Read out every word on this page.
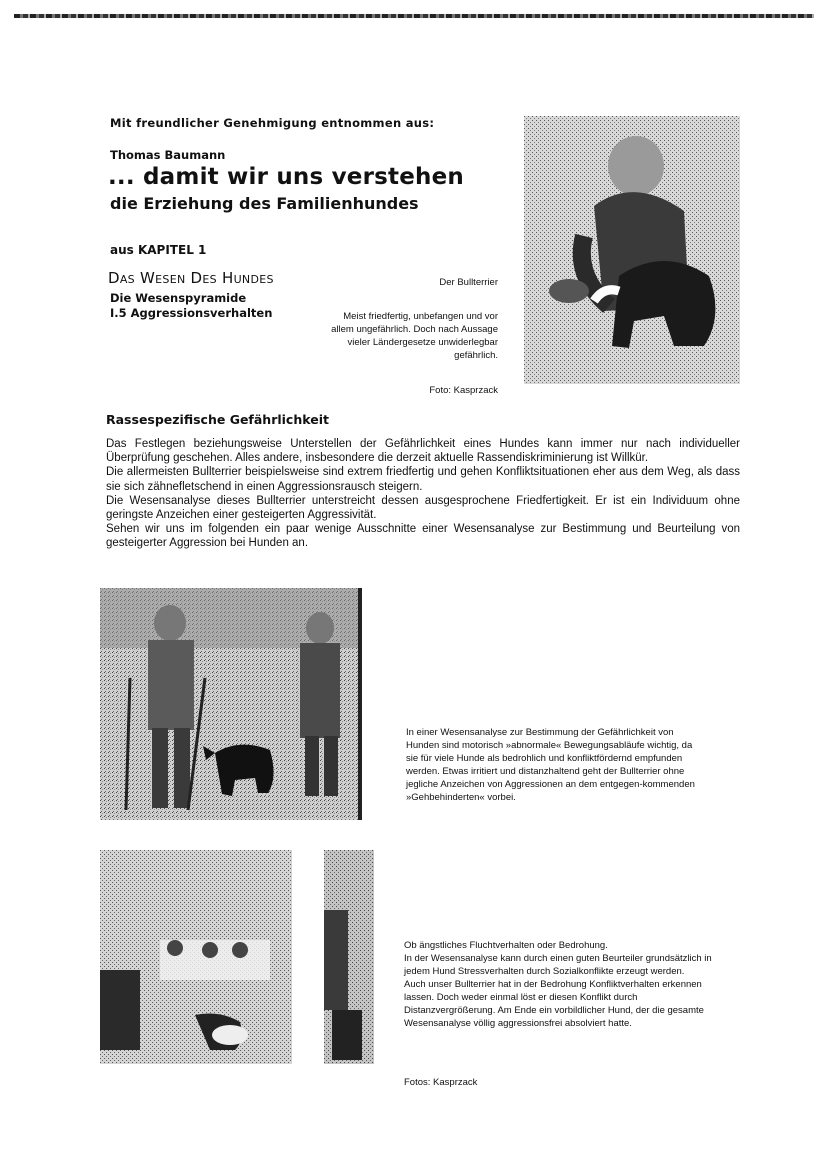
Mit freundlicher Genehmigung entnommen aus:
Thomas Baumann
... damit wir uns verstehen
die Erziehung des Familienhundes
aus KAPITEL 1
Das Wesen Des Hundes
Die Wesenspyramide
I.5 Aggressionsverhalten
Der Bullterrier
Meist friedfertig, unbefangen und vor allem ungefährlich. Doch nach Aussage vieler Ländergesetze unwiderlegbar gefährlich.
Foto: Kasprzack
Rassespezifische Gefährlichkeit

Das Festlegen beziehungsweise Unterstellen der Gefährlichkeit eines Hundes kann immer nur nach individueller Überprüfung geschehen. Alles andere, insbesondere die derzeit aktuelle Rassendiskriminierung ist Willkür.

Die allermeisten Bullterrier beispielsweise sind extrem friedfertig und gehen Konfliktsituationen eher aus dem Weg, als dass sie sich zähnefletschend in einen Aggressionsrausch steigern.

Die Wesensanalyse dieses Bullterrier unterstreicht dessen ausgesprochene Friedfertigkeit. Er ist ein Individuum ohne geringste Anzeichen einer gesteigerten Aggressivität.

Sehen wir uns im folgenden ein paar wenige Ausschnitte einer Wesensanalyse zur Bestimmung und Beurteilung von gesteigerter Aggression bei Hunden an.

In einer Wesensanalyse zur Bestimmung der Gefährlichkeit von Hunden sind motorisch »abnormale« Bewegungsabläufe wichtig, da sie für viele Hunde als bedrohlich und konfliktfördernd empfunden werden. Etwas irritiert und distanzhaltend geht der Bullterrier ohne jegliche Anzeichen von Aggressionen an dem entgegen-kommenden »Gehbehinderten« vorbei.
Ob ängstliches Fluchtverhalten oder Bedrohung.
In der Wesensanalyse kann durch einen guten Beurteiler grundsätzlich in jedem Hund Stressverhalten durch Sozialkonflikte erzeugt werden.
Auch unser Bullterrier hat in der Bedrohung Konfliktverhalten erkennen lassen. Doch weder einmal löst er diesen Konflikt durch Distanzvergrößerung. Am Ende ein vorbildlicher Hund, der die gesamte Wesensanalyse völlig aggressionsfrei absolviert hatte.
Fotos: Kasprzack
